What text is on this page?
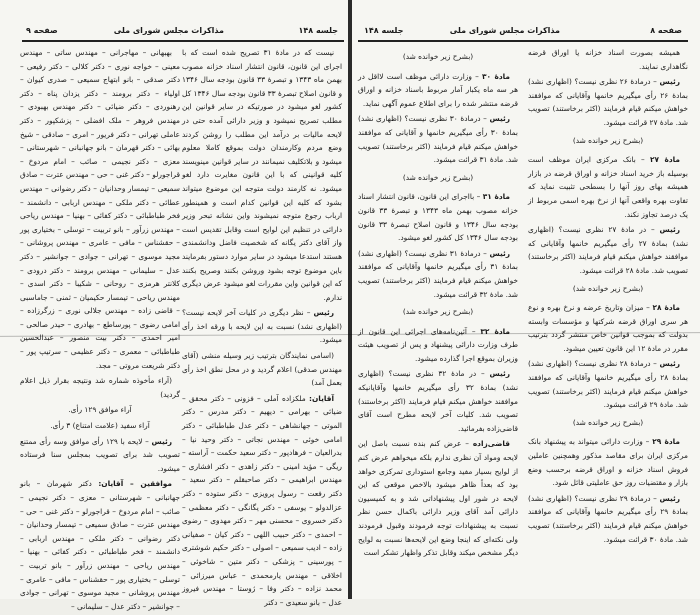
جلسه ۱۴۸
مذاکرات مجلس شورای ملی
صفحه ۹

نیست که در مادهٔ ۳۱ تصریح شده است که با اجرای این قانون، قانون انتشار اسناد خزانه مصوب بهمن ماه ۱۳۴۳ و تبصرهٔ ۳۳ قانون بودجه سال ۱۳۴۶ و قانون اصلاح تبصرهٔ ۳۳ قانون بودجه سال ۱۳۴۶ کل کشور لغو میشود در صورتیکه در سایر قوانین این مطلب تصریح نمیشود و وزیر دارائی آمده حتی در لایحه مالیات بر درآمد این مطلب را روشن کردند وضع مردم وکارمندان دولت بموقع کاملا معلوم میشود و بلاتکلیف نمیمانند در سایر قوانین مینویسند کلیه قوانینی که با این قانون مغایرت دارد لغو میشود. نه کارمند دولت متوجه این موضوع میتواند بشود که کلیه این قوانین کدام است و همینطور ارباب رجوع متوجه نمیشوند واین نشانه تبحر وزیر دارائی در تنظیم این لوایح است وقابل تقدیس است واز آقای دکتر یگانه که شخصیت فاضل ودانشمندی هستند استدعا میشود در سایر موارد دستور بفرمایند باین موضوع توجه بشود وروشن بکنند وصریح بکنند که این قوانین واین مقررات لغو میشود عرض دیگری ندارم.

رئیس – نظر دیگری در کلیات آخر لایحه نیست؟ (اظهاری نشد) نسبت به این لایحه با ورقه اخذ رأی میشود.

(اسامی نمایندگان بترتیب زیر وسیله منشی (آقای مهندس صدقی) اعلام گردید و در محل نطق اخذ رأی بعمل آمد)

آقایان: ملکزاده آملی – فزونی – دکتر محقق – ضیائی – بهرامی – دیهیم – دکتر مدرس – دکتر الموتی – جهانشاهی – دکتر عدل طباطبائی – دکتر امامی خوئی – مهندس نجاتی – دکتر وحید نیا – بدرالعیان – فرهادپور – دکتر سعید حکمت – آراسته – ریگی – مؤید امینی – دکتر زاهدی – دکتر افشاری – مهندس ابراهیمی – دکتر صاحبقلم – دکتر سعید – دکتر رفعت – رسول پرویزی – دکتر ستوده – دکتر عزالدولو – یوسفی – دکتر یگانگی – دکتر معظمی – دکتر خسروی – محسنی مهر – دکتر مهدوی – رضوی – احمدی – دکتر حبیب اللهی – دکتر کیان – صفیانی زاده – ادیب سمیعی – اصولی – دکتر حکیم شوشتری – پورسینی – پزشکی – دکتر متین – شاخوئی – اخلاقی – مهندس یارمحمدی – عباس میرزائی – محمد نزاده – دکتر وفا – ژوستا – مهندس فیروز عدل – بانو سعیدی – دکتر

بهبهانی – مهاجرانی – مهندس ساتی – مهندس معینی – خواجه نوری – دکتر کلالی – دکتر رفیعی – دکتر صدقی – بانو ابتهاج سمیعی – صدری کیوان – اولیاء – دکتر برومند – دکتر یزدان پناه – دکتر رهنوردی – دکتر ضیائی – دکتر مهندس بهبودی – مهندس فروهر – ملک افضلی – پزشکپور – دکتر عاملی تهرانی – دکتر فریور – امری – صادقی – شیخ بهائی – دکتر قهرمان – بانو جهانبانی – شهرستانی – معزی – دکتر نجیمی – صائب – امام مردوخ – قراجورلو – دکتر غنی – حی – مهندس عترت – صادق سمیعی – تیمسار وحدانیان – دکتر رضوانی – مهندس عطائی – دکتر ملکی – مهندس اربابی – دانشمند – فخر طباطبائی – دکتر کفائی – بهنیا – مهندس ریاحی – مهندس زرآور – بانو تربیت – توسلی – بختیاری پور – حقشناس – مافی – عامری – مهندس پروشانی – مجید موسوی – تهرانی – جوادی – جوانشیر – دکتر عدل – سلیمانی – مهندس برومند – دکتر درودی – کلانتر هرمزی – روحانی – شکیبا – دکتر اسدی – مهندس ریاحی – تیمسار حکیمیان – ثمنی – جاماسبی – قاضی زاده – مهندس جلالی نوری – زرگرزاده – امامی رضوی – پورساطع – بهادری – حیدر صالحی – امیر احمدی – دکتر بیت منصور – عبدالحسین طباطبائی – معمری – دکتر عظیمی – سرتیپ پور – دکتر شریعت مروتی – مجد.

(آراء مأخوذه شماره شد ونتیجه بقرار ذیل اعلام گردید)

آراء موافق ۱۲۹ رأی.

آراء سفید (علامت امتناع) ۳ رأی.

رئیس – لایحه با ۱۲۹ رأی موافق وسه رأی ممتنع تصویب شد برای تصویب بمجلس سنا فرستاده میشود.

موافقین – آقایان: دکتر شهرمان – بانو جهانبانی – شهرستانی – معزی – دکتر نجیمی – صائب – امام مردوخ – قراجورلو – دکتر غنی – حی – مهندس عترت – صادق سمیعی – تیمسار وحدانیان – دکتر رضوانی – دکتر ملکی – مهندس اربابی – دانشمند – فخر طباطبائی – دکتر کفائی – بهنیا – مهندس ریاحی – مهندس زرآور – بانو تربیت – توسلی – بختیاری پور – حقشناس – مافی – عامری – مهندس پروشانی – مجید موسوی – تهرانی – جوادی – جوانشیر – دکتر عدل – سلیمانی –

صفحه ۸
مذاکرات مجلس شورای ملی
جلسه ۱۴۸

همیشه بصورت اسناد خزانه یا اوراق قرضه نگاهداری نمایند.

رئیس – درمادهٔ ۲۶ نظری نیست؟ (اظهاری نشد) بمادهٔ ۲۶ رأی میگیریم خانمها وآقایانی که موافقند خواهش میکنم قیام فرمایند (اکثر برخاستند) تصویب شد. مادهٔ ۲۷ قرائت میشود.

(بشرح زیر خوانده شد)

مادهٔ ۲۷ – بانک مرکزی ایران موظف است بوسیله باز خرید اسناد خزانه و اوراق قرضه در بازار همیشه بهای روز آنها را بسطحی تثبیت نماید که تفاوت بهره واقعی آنها از نرخ بهره اسمی مربوط از یک درصد تجاوز نکند.

رئیس – در مادهٔ ۲۷ نظری نیست؟ (اظهاری نشد) بمادهٔ ۲۷ رأی میگیریم خانمها وآقایانی که موافقند خواهش میکنم قیام فرمایند (اکثر برخاستند) تصویب شد. مادهٔ ۲۸ قرائت میشود.

(بشرح زیر خوانده شد)

مادهٔ ۲۸ – میزان وتاریخ عرضه و نرخ بهره و نوع هر سری اوراق قرضه شرکتها و مؤسسات وابسته بدولت که بموجب قوانین خاص منتشر گردد بترتیب مقرر در مادهٔ ۱۲ این قانون تعیین میشود.

رئیس – درمادهٔ ۲۸ نظری نیست؟ (اظهاری نشد) بمادهٔ ۲۸ رأی میگیریم خانمها وآقایانی که موافقند خواهش میکنم قیام فرمایند (اکثر برخاستند) تصویب شد. مادهٔ ۲۹ قرائت میشود.

(بشرح زیر خوانده شد)

مادهٔ ۲۹ – وزارت دارائی میتواند به پیشنهاد بانک مرکزی ایران برای مقاصد مذکور وهمچنین عاملین فروش اسناد خزانه و اوراق قرضه برحسب وضع بازار و مقتضیات روز حق عاملیتی قائل شود.

رئیس – درمادهٔ ۲۹ نظری نیست؟ (اظهاری نشد) بمادهٔ ۲۹ رأی میگیریم خانمها وآقایانی که موافقند خواهش میکنم قیام فرمایند (اکثر برخاستند) تصویب شد. مادهٔ ۳۰ قرائت میشود.

(بشرح زیر خوانده شد)

مادهٔ ۳۰ – وزارت دارائی موظف است لااقل در هر سه ماه یکبار آمار مربوط باسناد خزانه و اوراق قرضه منتشر شده را برای اطلاع عموم آگهی نماید.

رئیس – درمادهٔ ۳۰ نظری نیست؟ (اظهاری نشد) بمادهٔ ۳۰ رأی میگیریم خانمها و آقایانی که موافقند خواهش میکنم قیام فرمایند (اکثر برخاستند) تصویب شد. مادهٔ ۳۱ قرائت میشود.

(بشرح زیر خوانده شد)

مادهٔ ۳۱ – بااجرای این قانون، قانون انتشار اسناد خزانه مصوب بهمن ماه ۱۳۴۳ و تبصرهٔ ۳۳ قانون بودجه سال ۱۳۴۶ و قانون اصلاح تبصرهٔ ۳۳ قانون بودجه سال ۱۳۴۶ کل کشور لغو میشود.

رئیس – درمادهٔ ۳۱ نظری نیست؟ (اظهاری نشد) بمادهٔ ۳۱ رأی میگیریم خانمها وآقایانی که موافقند خواهش میکنم قیام فرمایند (اکثر برخاستند) تصویب شد. مادهٔ ۳۲ قرائت میشود.

(بشرح زیر خوانده شد)

مادهٔ ۳۲ – آئین‌نامه‌های اجرائی این قانون از طرف وزارت دارائی پیشنهاد و پس از تصویب هیئت وزیران بموقع اجرا گذارده میشود.

رئیس – در مادهٔ ۳۲ نظری نیست؟ (اظهاری نشد) بمادهٔ ۳۲ رأی میگیریم خانمها وآقایانیکه موافقند خواهش میکنم قیام فرمایند (اکثر برخاستند) تصویب شد. کلیات آخر لایحه مطرح است آقای قاضی‌زاده بفرمائید.

قاضی‌زاده – عرض کنم بنده نسبت باصل این لایحه ومواد آن نظری ندارم بلکه میخواهم عرض کنم از لوایح بسیار مفید وجامع استوداری تمرکزی خواهد بود که بعداً ظاهر میشود بالاخص موقعی که این لایحه در شور اول پیشنهاداتی شد و به کمیسیون دارائی آمد آقای وزیر دارائی باکمال حسن نظر نسبت به پیشنهادات توجه فرمودند وقبول فرمودند ولی نکته‌ای که اینجا وضع این لایحه‌ها نسبت به لوایح دیگر مشخص میکند وقابل تذکر واظهار تشکر است
